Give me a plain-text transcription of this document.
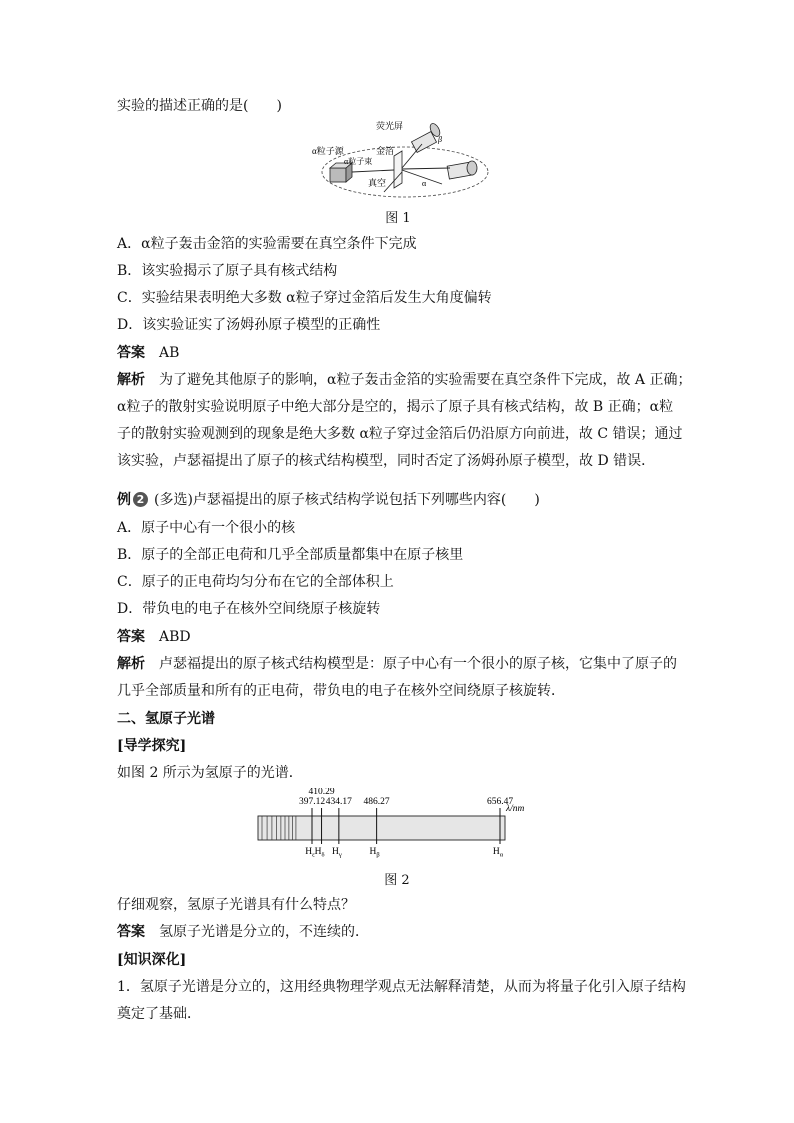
实验的描述正确的是(　　)
α粒子源
α粒子束
金箔
荧光屏
真空
β
α
图 1
A．α粒子轰击金箔的实验需要在真空条件下完成
B．该实验揭示了原子具有核式结构
C．实验结果表明绝大多数 α粒子穿过金箔后发生大角度偏转
D．该实验证实了汤姆孙原子模型的正确性
答案 AB
解析 为了避免其他原子的影响，α粒子轰击金箔的实验需要在真空条件下完成，故 A 正确；
α粒子的散射实验说明原子中绝大部分是空的，揭示了原子具有核式结构，故 B 正确；α粒
子的散射实验观测到的现象是绝大多数 α粒子穿过金箔后仍沿原方向前进，故 C 错误；通过
该实验，卢瑟福提出了原子的核式结构模型，同时否定了汤姆孙原子模型，故 D 错误．
例 2 (多选)卢瑟福提出的原子核式结构学说包括下列哪些内容(　　)
A．原子中心有一个很小的核
B．原子的全部正电荷和几乎全部质量都集中在原子核里
C．原子的正电荷均匀分布在它的全部体积上
D．带负电的电子在核外空间绕原子核旋转
答案 ABD
解析 卢瑟福提出的原子核式结构模型是：原子中心有一个很小的原子核，它集中了原子的
几乎全部质量和所有的正电荷，带负电的电子在核外空间绕原子核旋转．
二、氢原子光谱
[导学探究]
如图 2 所示为氢原子的光谱．
397.12
$H_\varepsilon$
410.29
$H_\delta$
434.17
$H_\gamma$
486.27
$H_\beta$
656.47
$H_\alpha$
λ/nm
图 2
仔细观察，氢原子光谱具有什么特点？
答案 氢原子光谱是分立的，不连续的．
[知识深化]
1．氢原子光谱是分立的，这用经典物理学观点无法解释清楚，从而为将量子化引入原子结构
奠定了基础．
